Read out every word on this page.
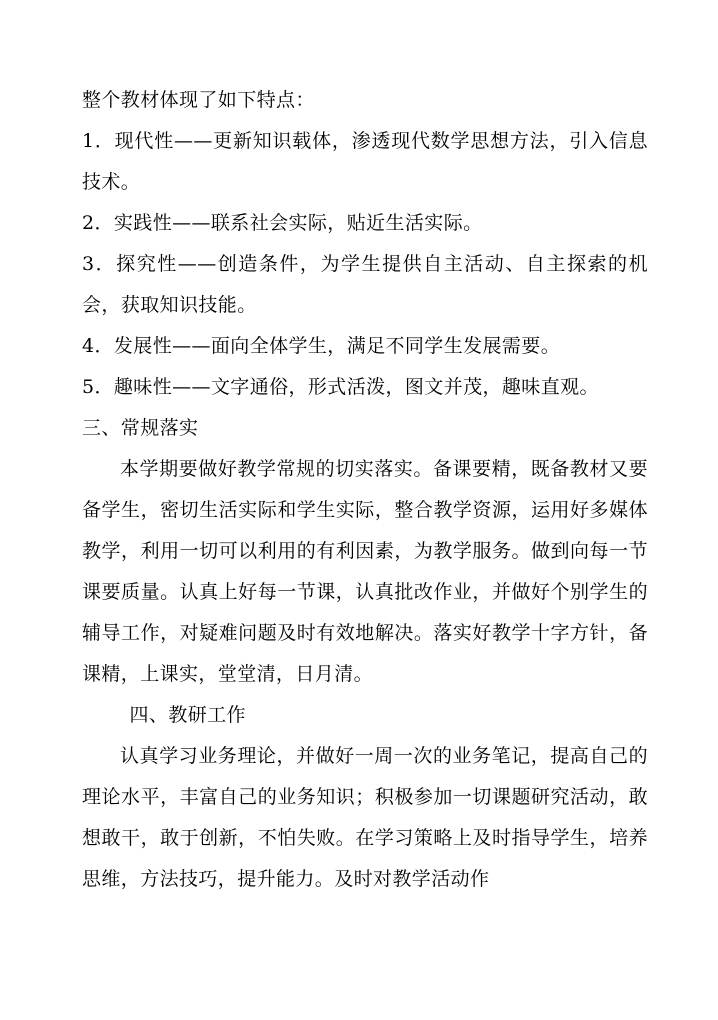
整个教材体现了如下特点：

1．现代性——更新知识载体，渗透现代数学思想方法，引入信息技术。

2．实践性——联系社会实际，贴近生活实际。

3．探究性——创造条件，为学生提供自主活动、自主探索的机会，获取知识技能。

4．发展性——面向全体学生，满足不同学生发展需要。

5．趣味性——文字通俗，形式活泼，图文并茂，趣味直观。

三、常规落实

本学期要做好教学常规的切实落实。备课要精，既备教材又要备学生，密切生活实际和学生实际，整合教学资源，运用好多媒体教学，利用一切可以利用的有利因素，为教学服务。做到向每一节课要质量。认真上好每一节课，认真批改作业，并做好个别学生的辅导工作，对疑难问题及时有效地解决。落实好教学十字方针，备课精，上课实，堂堂清，日月清。

四、教研工作

认真学习业务理论，并做好一周一次的业务笔记，提高自己的理论水平，丰富自己的业务知识；积极参加一切课题研究活动，敢想敢干，敢于创新，不怕失败。在学习策略上及时指导学生，培养思维，方法技巧，提升能力。及时对教学活动作
